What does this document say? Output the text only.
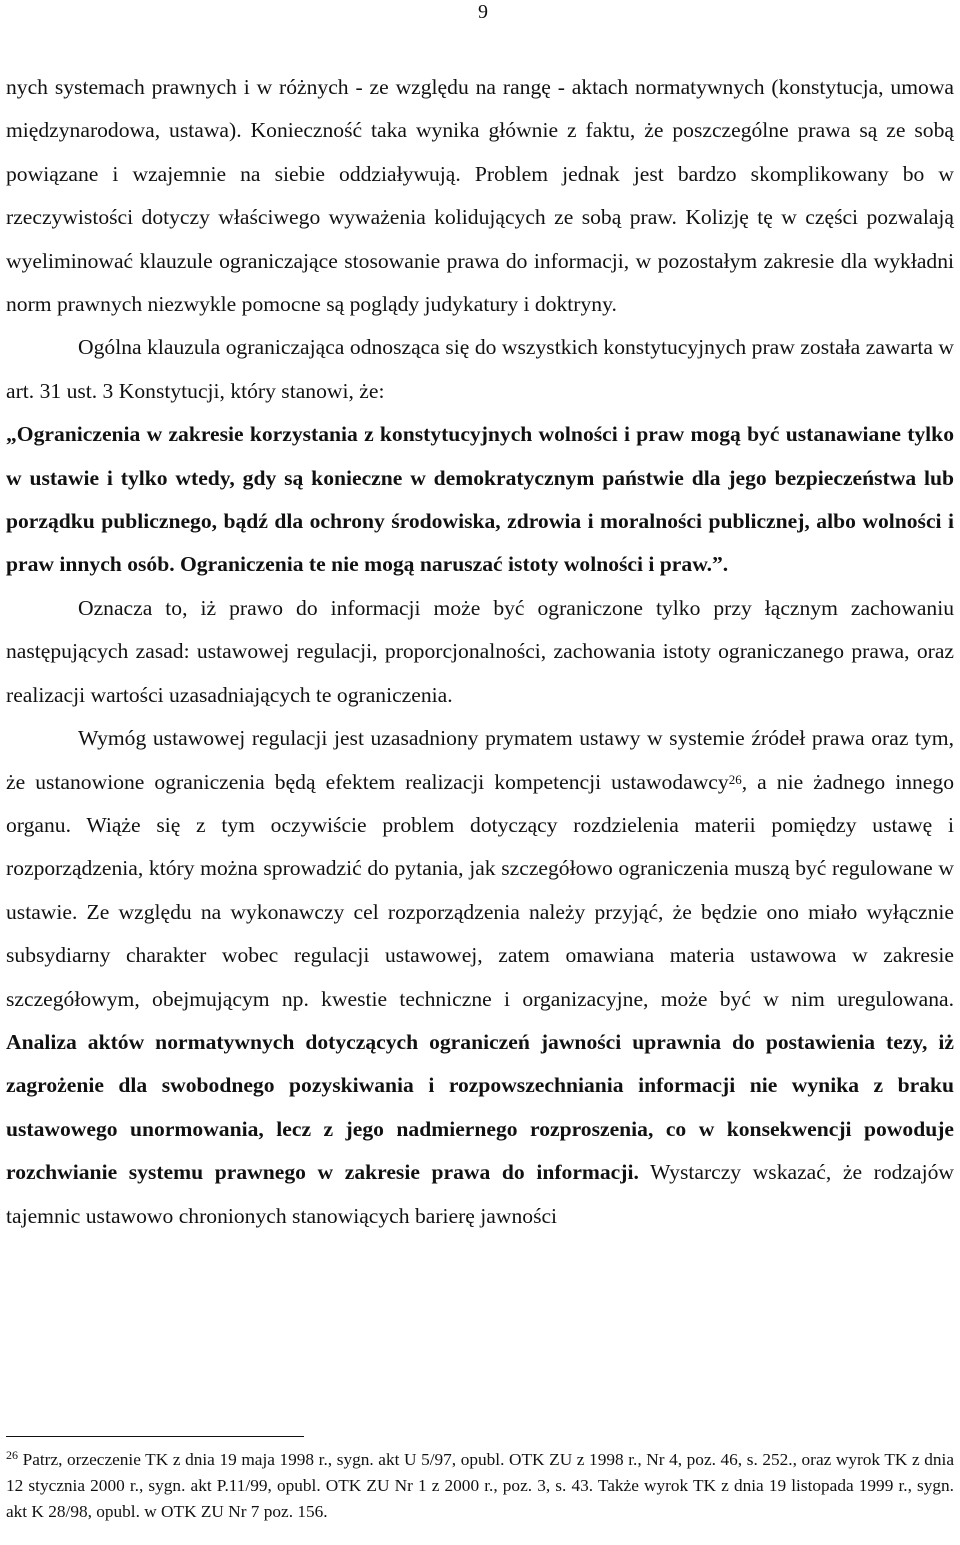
9

nych systemach prawnych i w różnych - ze względu na rangę - aktach normatywnych (konstytucja, umowa międzynarodowa, ustawa). Konieczność taka wynika głównie z faktu, że poszczególne prawa są ze sobą powiązane i wzajemnie na siebie oddziaływują. Problem jednak jest bardzo skomplikowany bo w rzeczywistości dotyczy właściwego wyważenia kolidujących ze sobą praw. Kolizję tę w części pozwalają wyeliminować klauzule ograniczające stosowanie prawa do informacji, w pozostałym zakresie dla wykładni norm prawnych niezwykle pomocne są poglądy judykatury i doktryny.

Ogólna klauzula ograniczająca odnosząca się do wszystkich konstytucyjnych praw została zawarta w art. 31 ust. 3 Konstytucji, który stanowi, że:

„Ograniczenia w zakresie korzystania z konstytucyjnych wolności i praw mogą być ustanawiane tylko w ustawie i tylko wtedy, gdy są konieczne w demokratycznym państwie dla jego bezpieczeństwa lub porządku publicznego, bądź dla ochrony środowiska, zdrowia i moralności publicznej, albo wolności i praw innych osób. Ograniczenia te nie mogą naruszać istoty wolności i praw.”.

Oznacza to, iż prawo do informacji może być ograniczone tylko przy łącznym zachowaniu następujących zasad: ustawowej regulacji, proporcjonalności, zachowania istoty ograniczanego prawa, oraz realizacji wartości uzasadniających te ograniczenia.

Wymóg ustawowej regulacji jest uzasadniony prymatem ustawy w systemie źródeł prawa oraz tym, że ustanowione ograniczenia będą efektem realizacji kompetencji ustawodawcy$^{26}$, a nie żadnego innego organu. Wiąże się z tym oczywiście problem dotyczący rozdzielenia materii pomiędzy ustawę i rozporządzenia, który można sprowadzić do pytania, jak szczegółowo ograniczenia muszą być regulowane w ustawie. Ze względu na wykonawczy cel rozporządzenia należy przyjąć, że będzie ono miało wyłącznie subsydiarny charakter wobec regulacji ustawowej, zatem omawiana materia ustawowa w zakresie szczegółowym, obejmującym np. kwestie techniczne i organizacyjne, może być w nim uregulowana. Analiza aktów normatywnych dotyczących ograniczeń jawności uprawnia do postawienia tezy, iż zagrożenie dla swobodnego pozyskiwania i rozpowszechniania informacji nie wynika z braku ustawowego unormowania, lecz z jego nadmiernego rozproszenia, co w konsekwencji powoduje rozchwianie systemu prawnego w zakresie prawa do informacji. Wystarczy wskazać, że rodzajów tajemnic ustawowo chronionych stanowiących barierę jawności

$^{26}$ Patrz, orzeczenie TK z dnia 19 maja 1998 r., sygn. akt U 5/97, opubl. OTK ZU z 1998 r., Nr 4, poz. 46, s. 252., oraz wyrok TK z dnia 12 stycznia 2000 r., sygn. akt P.11/99, opubl. OTK ZU Nr 1 z 2000 r., poz. 3, s. 43. Także wyrok TK z dnia 19 listopada 1999 r., sygn. akt K 28/98, opubl. w OTK ZU Nr 7 poz. 156.
